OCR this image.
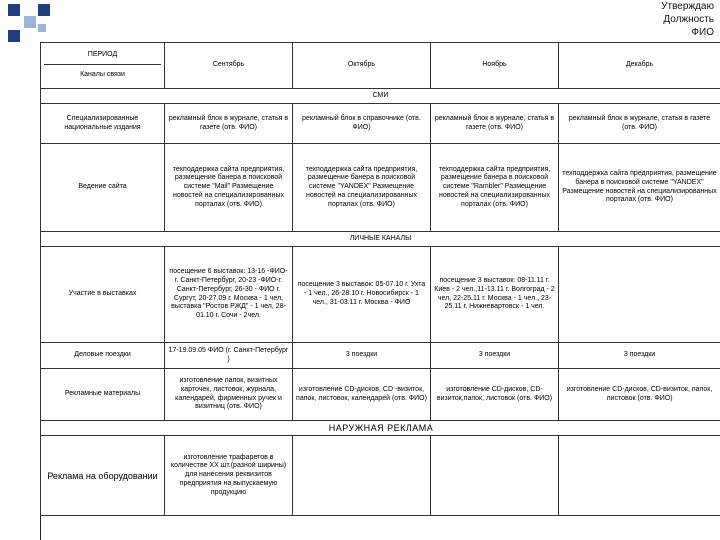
Утверждаю
Должность
ФИО
ПЕРИОД
Каналы связи	Сентябрь	Октябрь	Ноябрь	Декабрь
СМИ				
Специализированные национальные издания	рекламный блок в журнале, статья в газете (отв. ФИО)	рекламный блок в справочнике (отв. ФИО)	рекламный блок в журнале, статья в газете (отв. ФИО)	рекламный блок в журнале, статья в газете (отв. ФИО)
Ведение сайта	техподдержка сайта предприятия, размещение банера в поисковой системе "Mail" Размещение новостей на специализированных порталах (отв. ФИО)	техподдержка сайта предприятия, размещение банера в поисковой системе "YANDEX" Размещение новостей на специализированных порталах (отв. ФИО)	техподдержка сайта предприятия, размещение банера в поисковой системе "Rambler" Размещение новостей на специализированных порталах (отв. ФИО)	техподдержка сайта предприятия, размещение банера в поисковой системе "YANDEX" Размещение новостей на специализированных порталах (отв. ФИО)
ЛИЧНЫЕ КАНАЛЫ				
Участие в выставках	посещение 6 выставок: 13-16 -ФИО-г. Санкт-Петербург, 20-23 -ФИО-г. Санкт-Петербург, 26-30 - ФИО г. Сургут, 20-27.09 г. Москва - 1 чел, выставка "Ростов РЖД" - 1 чел, 28-01.10 г. Сочи - 2чел.	посещение 3 выставок: 05-07.10 г. Ухта - 1 чел., 26-28.10 г. Новосибирск - 1 чел., 31-03.11 г. Москва - ФИО	посещение 3 выставок: 08-11.11 г. Киев - 2 чел.,11-13.11 г. Волгоград - 2 чел, 22-25.11 г. Москва - 1 чел., 23-25.11 г. Нижневартовск - 1 чел.	
Деловые поездки	17-19.09.05 ФИО (г. Санкт-Петербург )	3 поездки	3 поездки	3 поездки
Рекламные материалы	изготовление папок, визитных карточек, листовок, журнала, календарей, фирменных ручек и визитниц (отв. ФИО)	изготовление CD-дисков, CD -визиток, папок, листовок, календарей (отв. ФИО)	изготовление CD-дисков, CD-визиток,папок, листовок (отв. ФИО)	изготовление CD-дисков, CD-визиток, папок, листовок (отв. ФИО)
НАРУЖНАЯ РЕКЛАМА				
Реклама на оборудовании	изготовление трафаретов в количестве XX шт.(разной ширины) для нанесения реквизитов предприятия на выпускаемую продукцию			
